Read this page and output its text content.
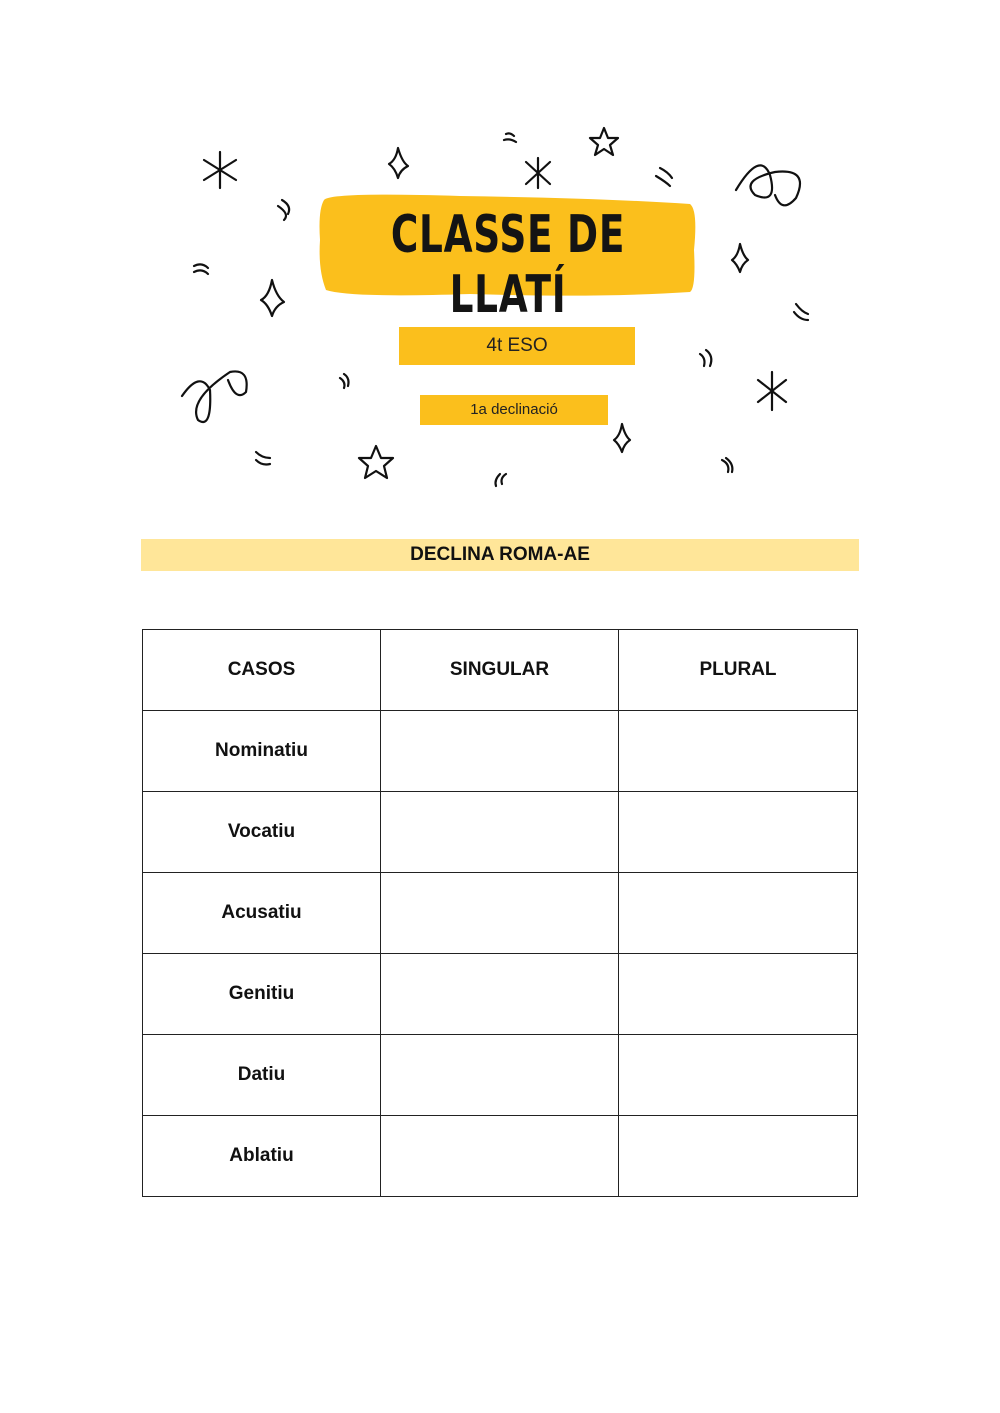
CLASSE DE LLATÍ
4t ESO
1a declinació
DECLINA ROMA-AE
CASOS	SINGULAR	PLURAL
Nominatiu		
Vocatiu		
Acusatiu		
Genitiu		
Datiu		
Ablatiu		
